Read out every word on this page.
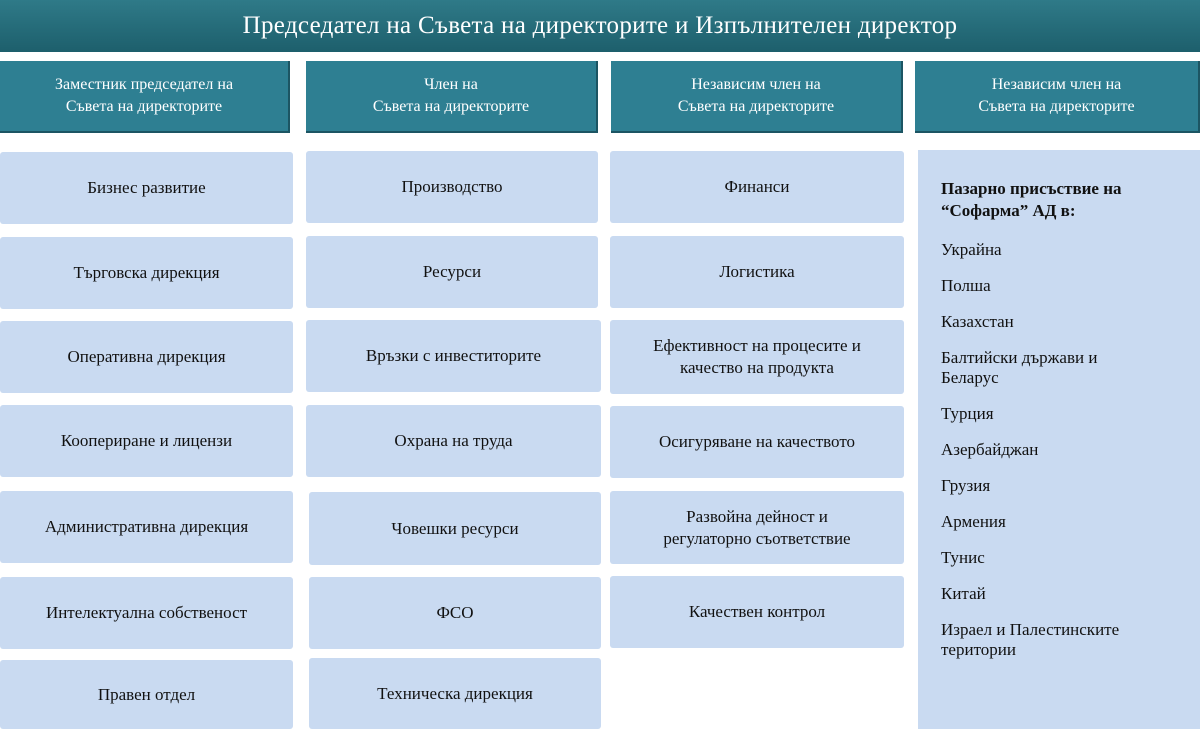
Председател на Съвета на директорите и Изпълнителен директор
Заместник председател на
Съвета на директорите
Член на
Съвета на директорите
Независим член на
Съвета на директорите
Независим член на
Съвета на директорите
Бизнес развитие
Търговска дирекция
Оперативна дирекция
Коопериране и лицензи
Административна дирекция
Интелектуална собственост
Правен отдел
Производство
Ресурси
Връзки с инвеститорите
Охрана на труда
Човешки ресурси
ФСО
Техническа дирекция
Финанси
Логистика
Ефективност на процесите и
качество на продукта
Осигуряване на качеството
Развойна дейност и
регулаторно съответствие
Качествен контрол
Пазарно присъствие на
“Софарма” АД в:
Украйна
Полша
Казахстан
Балтийски държави и
Беларус
Турция
Азербайджан
Грузия
Армения
Тунис
Китай
Израел и Палестинските
територии
